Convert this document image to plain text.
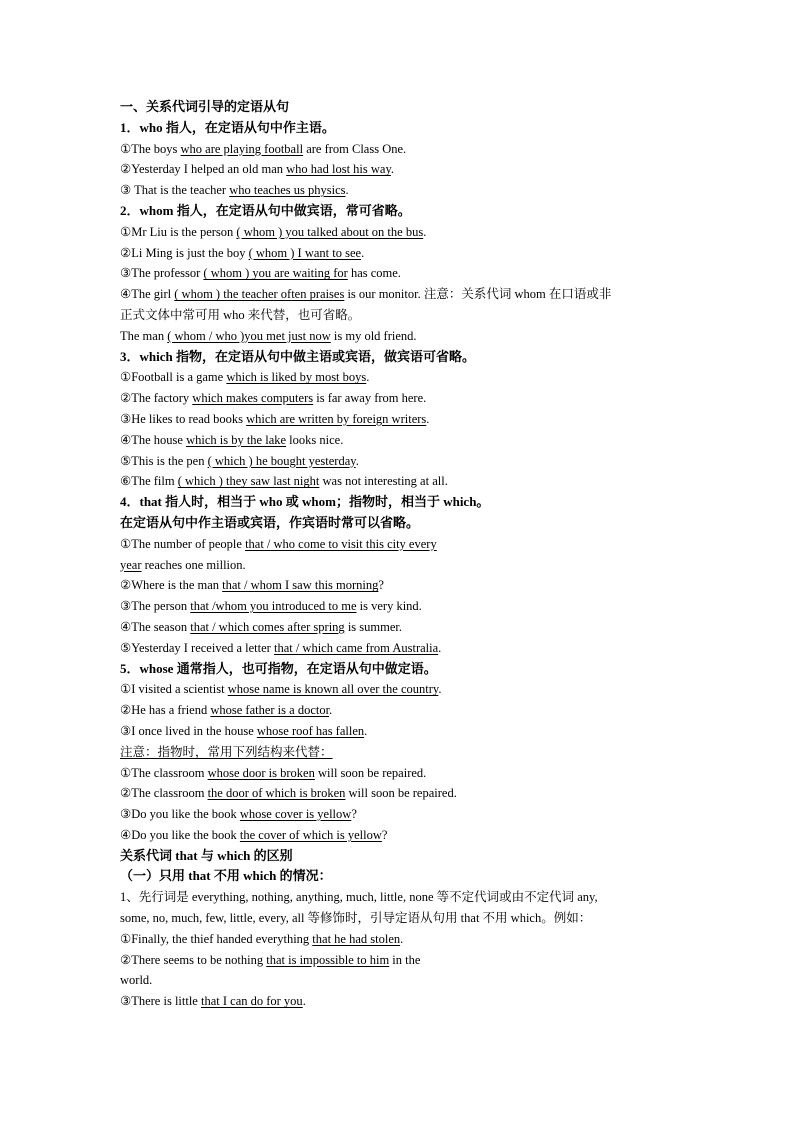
一、关系代词引导的定语从句
1．who 指人，在定语从句中作主语。
①The boys who are playing football are from Class One.
②Yesterday I helped an old man who had lost his way.
③ That is the teacher who teaches us physics.
2．whom 指人，在定语从句中做宾语，常可省略。
①Mr Liu is the person ( whom ) you talked about on the bus.
②Li Ming is just the boy ( whom ) I want to see.
③The professor ( whom ) you are waiting for has come.
④The girl ( whom ) the teacher often praises is our monitor. 注意：关系代词 whom 在口语或非
正式文体中常可用 who 来代替，也可省略。
The man ( whom / who )you met just now is my old friend.
3．which 指物，在定语从句中做主语或宾语，做宾语可省略。
①Football is a game which is liked by most boys.
②The factory which makes computers is far away from here.
③He likes to read books which are written by foreign writers.
④The house which is by the lake looks nice.
⑤This is the pen ( which ) he bought yesterday.
⑥The film ( which ) they saw last night was not interesting at all.
4．that 指人时，相当于 who 或 whom；指物时，相当于 which。
在定语从句中作主语或宾语，作宾语时常可以省略。
①The number of people that / who come to visit this city every
year reaches one million.
②Where is the man that / whom I saw this morning?
③The person that /whom you introduced to me is very kind.
④The season that / which comes after spring is summer.
⑤Yesterday I received a letter that / which came from Australia.
5．whose 通常指人，也可指物，在定语从句中做定语。
①I visited a scientist whose name is known all over the country.
②He has a friend whose father is a doctor.
③I once lived in the house whose roof has fallen.
注意：指物时，常用下列结构来代替：
①The classroom whose door is broken will soon be repaired.
②The classroom the door of which is broken will soon be repaired.
③Do you like the book whose cover is yellow?
④Do you like the book the cover of which is yellow?
关系代词 that 与 which 的区别
（一）只用 that 不用 which 的情况：
1、先行词是 everything, nothing, anything, much, little, none 等不定代词或由不定代词 any,
some, no, much, few, little, every, all 等修饰时，引导定语从句用 that 不用 which。例如：
①Finally, the thief handed everything that he had stolen.
②There seems to be nothing that is impossible to him in the
world.
③There is little that I can do for you.
